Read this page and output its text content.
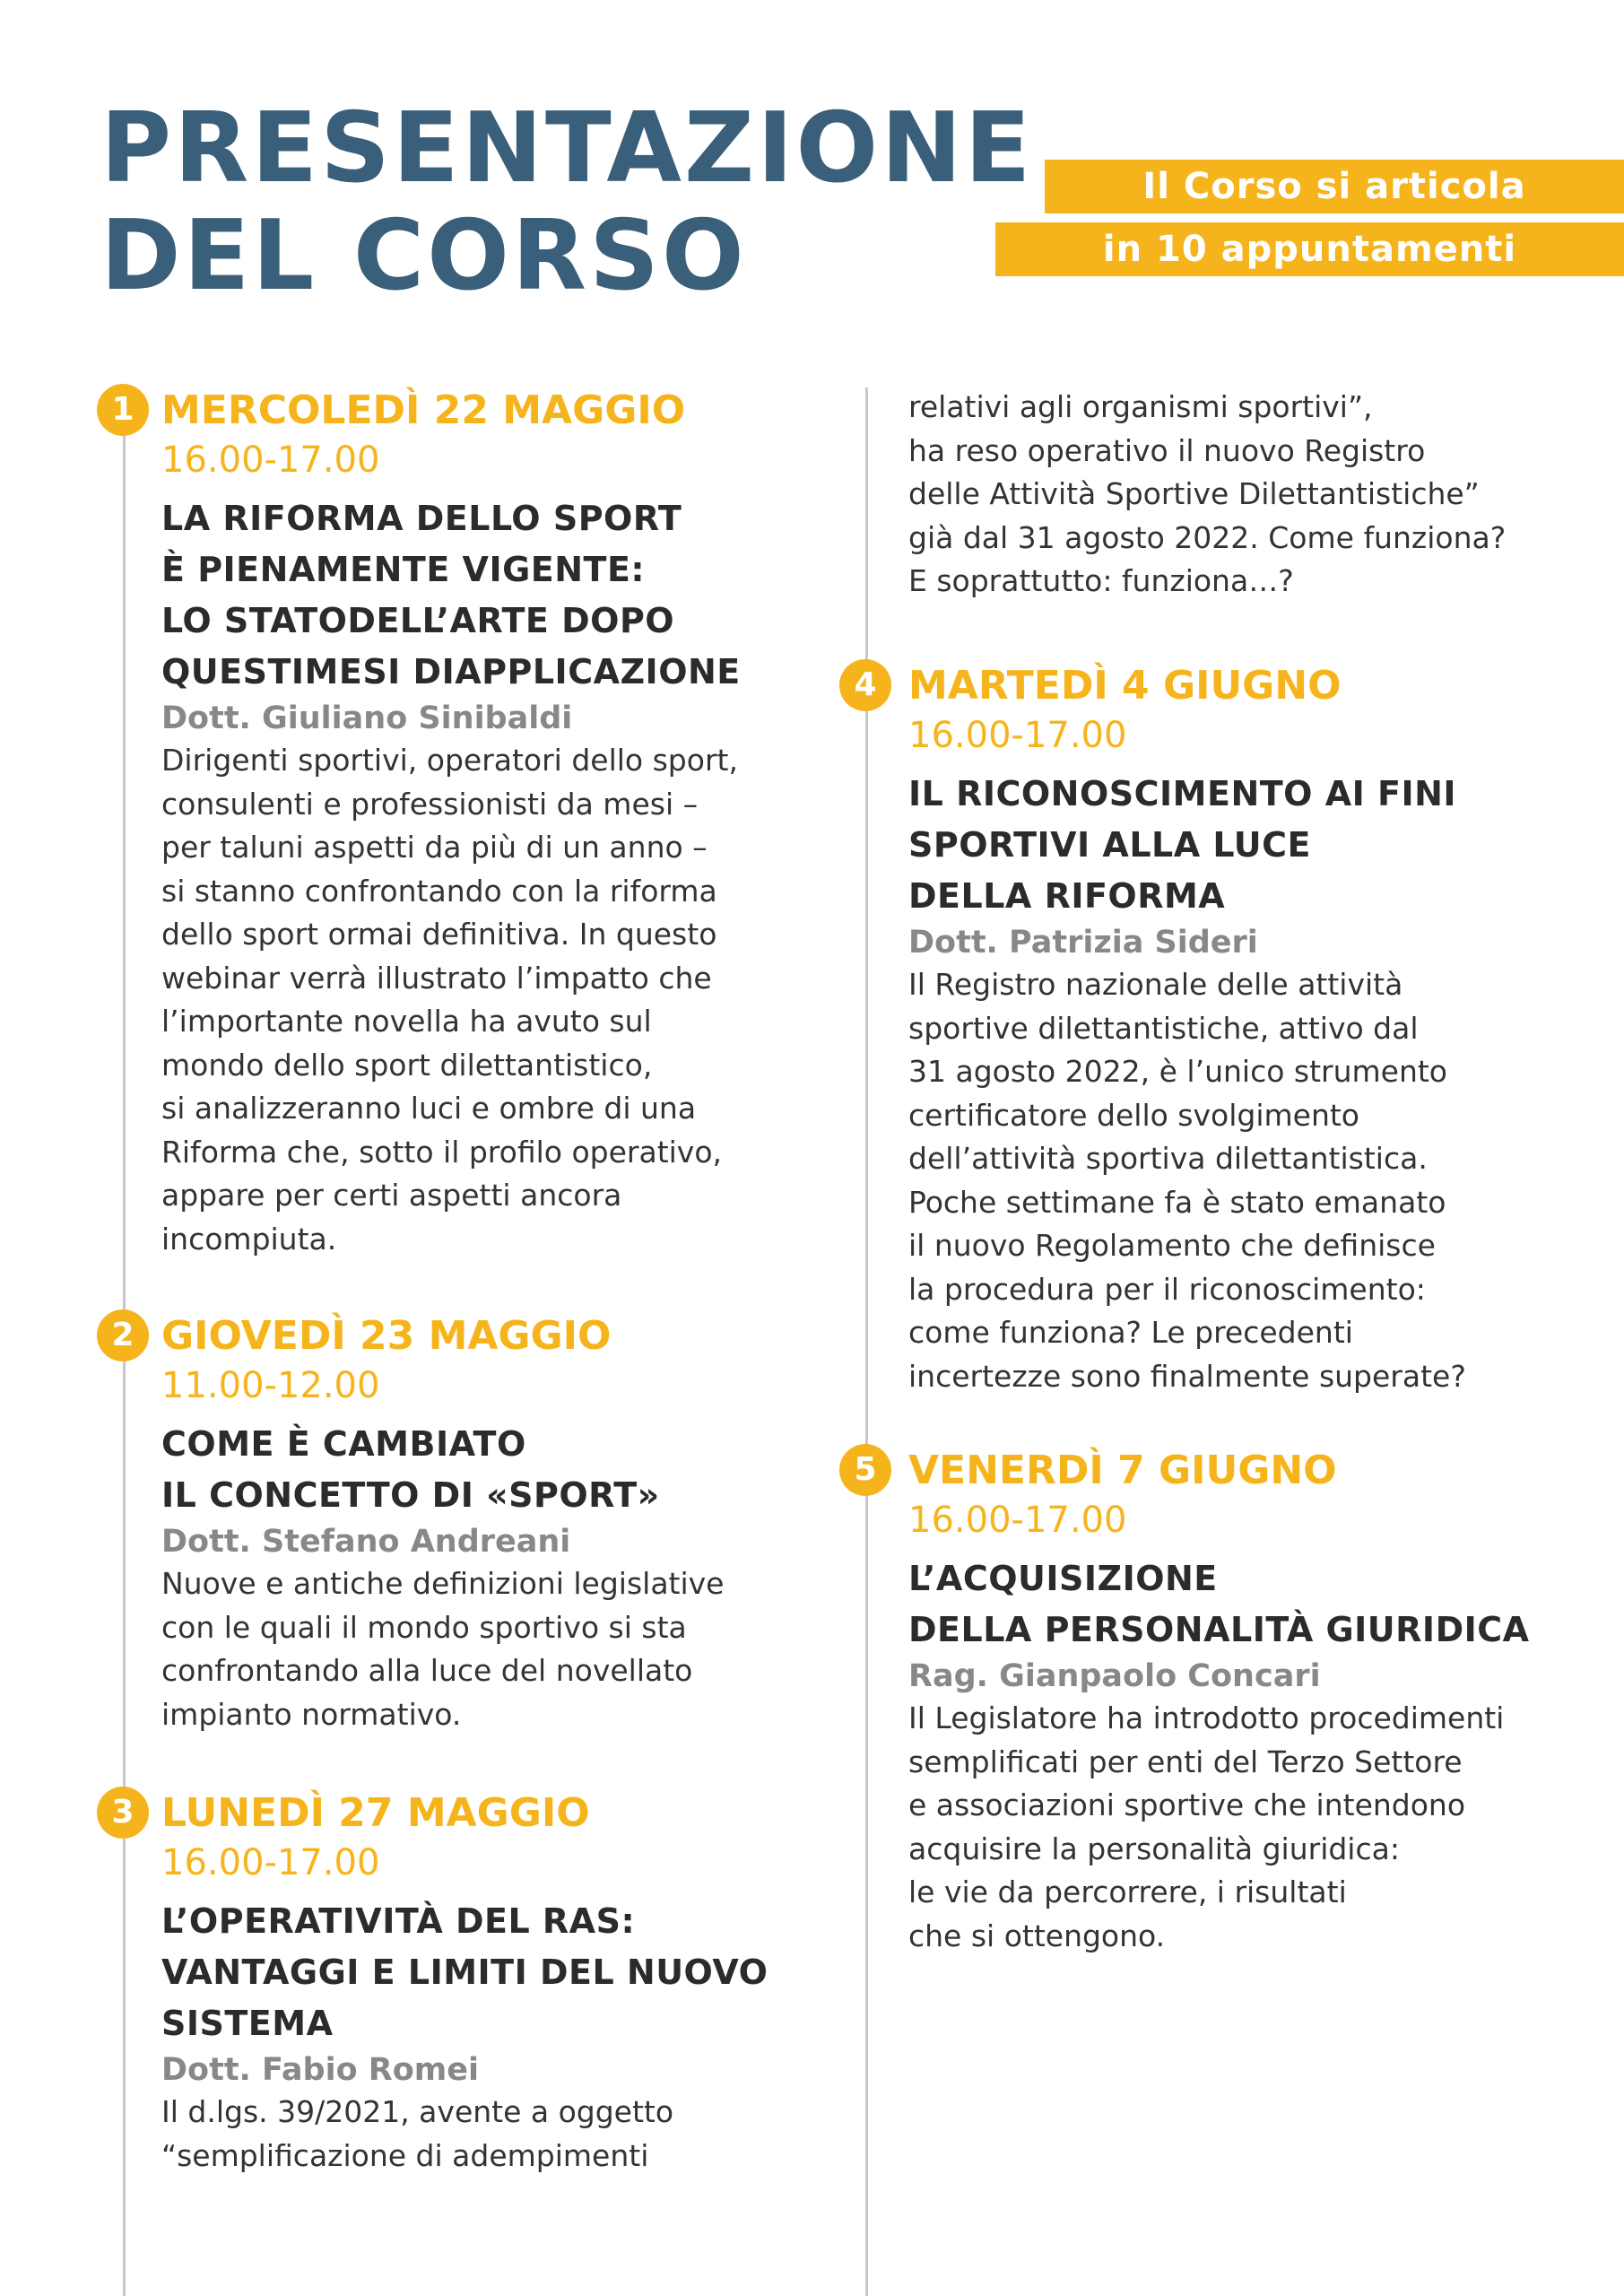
PRESENTAZIONE
DEL CORSO
Il Corso si articola
in 10 appuntamenti
1 MERCOLEDÌ 22 MAGGIO
16.00-17.00
LA RIFORMA DELLO SPORT
È PIENAMENTE VIGENTE:
LO STATODELL’ARTE DOPO
QUESTIMESI DIAPPLICAZIONE
Dott. Giuliano Sinibaldi
Dirigenti sportivi, operatori dello sport,
consulenti e professionisti da mesi –
per taluni aspetti da più di un anno –
si stanno confrontando con la riforma
dello sport ormai definitiva. In questo
webinar verrà illustrato l’impatto che
l’importante novella ha avuto sul
mondo dello sport dilettantistico,
si analizzeranno luci e ombre di una
Riforma che, sotto il profilo operativo,
appare per certi aspetti ancora
incompiuta.
2 GIOVEDÌ 23 MAGGIO
11.00-12.00
COME È CAMBIATO
IL CONCETTO DI «SPORT»
Dott. Stefano Andreani
Nuove e antiche definizioni legislative
con le quali il mondo sportivo si sta
confrontando alla luce del novellato
impianto normativo.
3 LUNEDÌ 27 MAGGIO
16.00-17.00
L’OPERATIVITÀ DEL RAS:
VANTAGGI E LIMITI DEL NUOVO
SISTEMA
Dott. Fabio Romei
Il d.lgs. 39/2021, avente a oggetto
“semplificazione di adempimenti
relativi agli organismi sportivi”,
ha reso operativo il nuovo Registro
delle Attività Sportive Dilettantistiche”
già dal 31 agosto 2022. Come funziona?
E soprattutto: funziona…?
4 MARTEDÌ 4 GIUGNO
16.00-17.00
IL RICONOSCIMENTO AI FINI
SPORTIVI ALLA LUCE
DELLA RIFORMA
Dott. Patrizia Sideri
Il Registro nazionale delle attività
sportive dilettantistiche, attivo dal
31 agosto 2022, è l’unico strumento
certificatore dello svolgimento
dell’attività sportiva dilettantistica.
Poche settimane fa è stato emanato
il nuovo Regolamento che definisce
la procedura per il riconoscimento:
come funziona? Le precedenti
incertezze sono finalmente superate?
5 VENERDÌ 7 GIUGNO
16.00-17.00
L’ACQUISIZIONE
DELLA PERSONALITÀ GIURIDICA
Rag. Gianpaolo Concari
Il Legislatore ha introdotto procedimenti
semplificati per enti del Terzo Settore
e associazioni sportive che intendono
acquisire la personalità giuridica:
le vie da percorrere, i risultati
che si ottengono.
